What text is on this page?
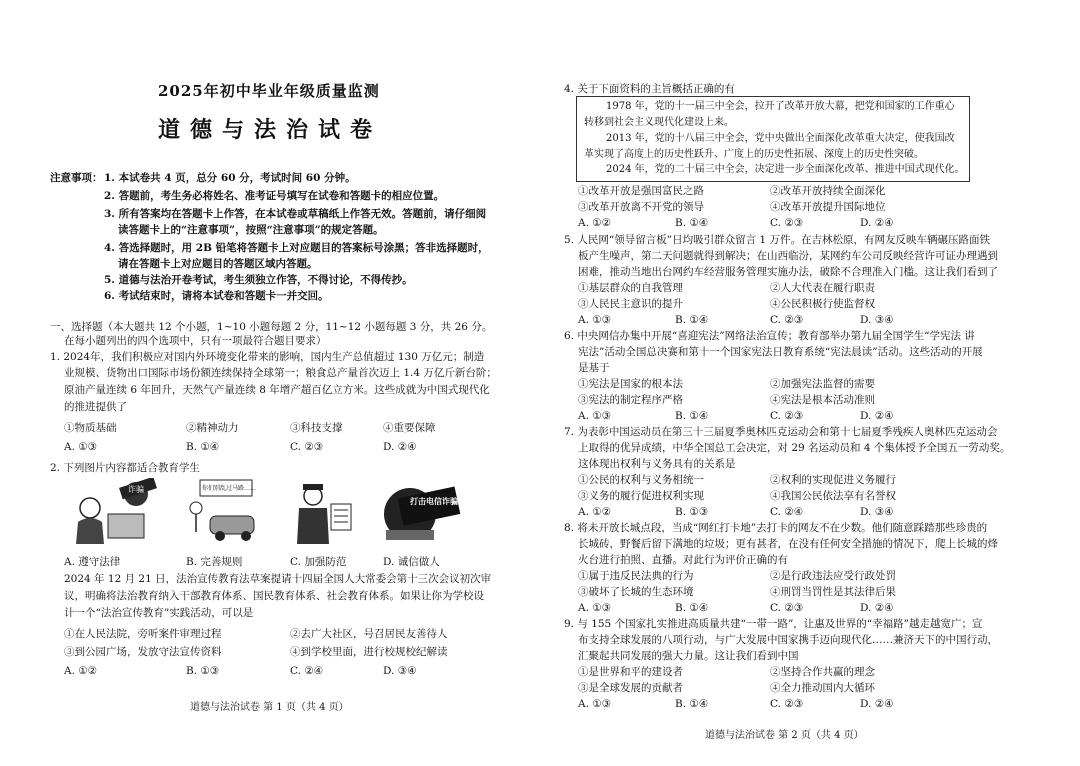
2025年初中毕业年级质量监测
道德与法治试卷
注意事项： 1. 本试卷共 4 页，总分 60 分，考试时间 60 分钟。
2. 答题前，考生务必将姓名、准考证号填写在试卷和答题卡的相应位置。
3. 所有答案均在答题卡上作答，在本试卷或草稿纸上作答无效。答题前，请仔细阅
读答题卡上的“注意事项”，按照“注意事项”的规定答题。
4. 答选择题时，用 2B 铅笔将答题卡上对应题目的答案标号涂黑；答非选择题时，
请在答题卡上对应题目的答题区域内答题。
5. 道德与法治开卷考试，考生须独立作答，不得讨论，不得传抄。
6. 考试结束时，请将本试卷和答题卡一并交回。
一、选择题（本大题共 12 个小题，1~10 小题每题 2 分，11~12 小题每题 3 分，共 26 分。
在每小题列出的四个选项中，只有一项最符合题目要求）
1. 2024年，我们积极应对国内外环境变化带来的影响，国内生产总值超过 130 万亿元；制造
业规模、货物出口国际市场份额连续保持全球第一；粮食总产量首次迈上 1.4 万亿斤新台阶；
原油产量连续 6 年回升，天然气产量连续 8 年增产超百亿立方米。这些成就为中国式现代化
的推进提供了
①物质基础	②精神动力	③科技支撑	④重要保障
A. ①③	B. ①④	C. ②③	D. ②④
2. 下列图片内容都适合教育学生
诈骗	你们别乱过马路……
打击电信诈骗
A. 遵守法律	B. 完善规则	C. 加强防范	D. 诚信做人
2024 年 12 月 21 日，法治宣传教育法草案提请十四届全国人大常委会第十三次会议初次审
议，明确将法治教育纳入干部教育体系、国民教育体系、社会教育体系。如果让你为学校设
计一个“法治宣传教育”实践活动，可以是
①在人民法院，旁听案件审理过程	②去广大社区，号召居民友善待人
③到公园广场，发放守法宣传资料	④到学校里面，进行校规校纪解读
A. ①②	B. ①③	C. ②④	D. ③④
道德与法治试卷 第 1 页（共 4 页）
4. 关于下面资料的主旨概括正确的有
1978 年，党的十一届三中全会，拉开了改革开放大幕，把党和国家的工作重心
转移到社会主义现代化建设上来。
2013 年，党的十八届三中全会，党中央做出全面深化改革重大决定，使我国改
革实现了高度上的历史性跃升、广度上的历史性拓展、深度上的历史性突破。
2024 年，党的二十届三中全会，决定进一步全面深化改革、推进中国式现代化。
①改革开放是强国富民之路	②改革开放持续全面深化
③改革开放离不开党的领导	④改革开放提升国际地位
A. ①②	B. ①④	C. ②③	D. ②④
5. 人民网“领导留言板”日均吸引群众留言 1 万件。在吉林松原，有网友反映车辆碾压路面铁
板产生噪声，第二天问题就得到解决；在山西临汾，某网约车公司反映经营许可证办理遇到
困难，推动当地出台网约车经营服务管理实施办法，破除不合理准入门槛。这让我们看到了
①基层群众的自我管理	②人大代表在履行职责
③人民民主意识的提升	④公民积极行使监督权
A. ①③	B. ①④	C. ②③	D. ③④
6. 中央网信办集中开展“喜迎宪法”网络法治宣传；教育部举办第九届全国学生“学宪法 讲
宪法”活动全国总决赛和第十一个国家宪法日教育系统“宪法晨读”活动。这些活动的开展
是基于
①宪法是国家的根本法	②加强宪法监督的需要
③宪法的制定程序严格	④宪法是根本活动准则
A. ①③	B. ①④	C. ②③	D. ②④
7. 为表彰中国运动员在第三十三届夏季奥林匹克运动会和第十七届夏季残疾人奥林匹克运动会
上取得的优异成绩，中华全国总工会决定，对 29 名运动员和 4 个集体授予全国五一劳动奖。
这体现出权利与义务具有的关系是
①公民的权利与义务相统一	②权利的实现促进义务履行
③义务的履行促进权利实现	④我国公民依法享有名誉权
A. ①②	B. ①③	C. ②④	D. ③④
8. 将未开放长城点段，当成“网红打卡地”去打卡的网友不在少数。他们随意踩踏那些珍贵的
长城砖，野餐后留下满地的垃圾；更有甚者，在没有任何安全措施的情况下，爬上长城的烽
火台进行拍照、直播。对此行为评价正确的有
①属于违反民法典的行为	②是行政违法应受行政处罚
③破坏了长城的生态环境	④刑罚当罚性是其法律后果
A. ①③	B. ①④	C. ②③	D. ②④
9. 与 155 个国家扎实推进高质量共建“一带一路”，让惠及世界的“幸福路”越走越宽广；宣
布支持全球发展的八项行动，与广大发展中国家携手迈向现代化……兼济天下的中国行动，
汇聚起共同发展的强大力量。这让我们看到中国
①是世界和平的建设者	②坚持合作共赢的理念
③是全球发展的贡献者	④全力推动国内大循环
A. ①③	B. ①④	C. ②③	D. ②④
道德与法治试卷 第 2 页（共 4 页）
